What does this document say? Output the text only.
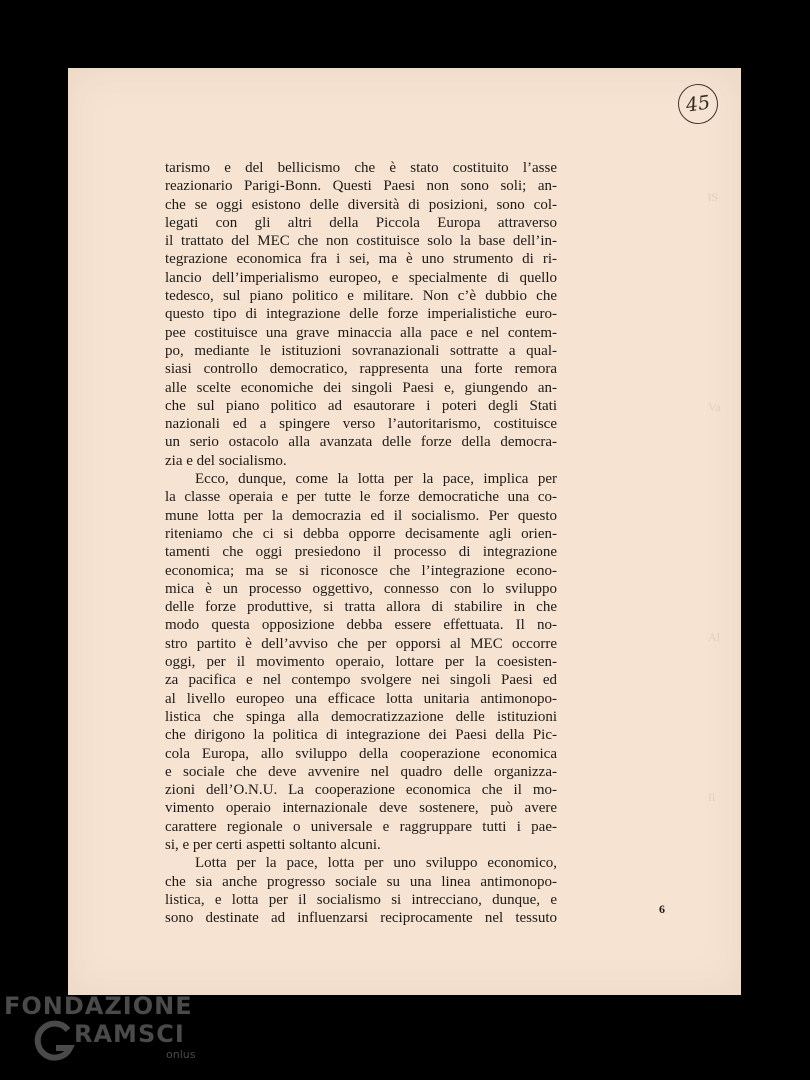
lS
Va
Al
Il
45
tarismo e del bellicismo che è stato costituito l’asse
reazionario Parigi-Bonn. Questi Paesi non sono soli; an-
che se oggi esistono delle diversità di posizioni, sono col-
legati con gli altri della Piccola Europa attraverso
il trattato del MEC che non costituisce solo la base dell’in-
tegrazione economica fra i sei, ma è uno strumento di ri-
lancio dell’imperialismo europeo, e specialmente di quello
tedesco, sul piano politico e militare. Non c’è dubbio che
questo tipo di integrazione delle forze imperialistiche euro-
pee costituisce una grave minaccia alla pace e nel contem-
po, mediante le istituzioni sovranazionali sottratte a qual-
siasi controllo democratico, rappresenta una forte remora
alle scelte economiche dei singoli Paesi e, giungendo an-
che sul piano politico ad esautorare i poteri degli Stati
nazionali ed a spingere verso l’autoritarismo, costituisce
un serio ostacolo alla avanzata delle forze della democra-
zia e del socialismo.
Ecco, dunque, come la lotta per la pace, implica per
la classe operaia e per tutte le forze democratiche una co-
mune lotta per la democrazia ed il socialismo. Per questo
riteniamo che ci si debba opporre decisamente agli orien-
tamenti che oggi presiedono il processo di integrazione
economica; ma se si riconosce che l’integrazione econo-
mica è un processo oggettivo, connesso con lo sviluppo
delle forze produttive, si tratta allora di stabilire in che
modo questa opposizione debba essere effettuata. Il no-
stro partito è dell’avviso che per opporsi al MEC occorre
oggi, per il movimento operaio, lottare per la coesisten-
za pacifica e nel contempo svolgere nei singoli Paesi ed
al livello europeo una efficace lotta unitaria antimonopo-
listica che spinga alla democratizzazione delle istituzioni
che dirigono la politica di integrazione dei Paesi della Pic-
cola Europa, allo sviluppo della cooperazione economica
e sociale che deve avvenire nel quadro delle organizza-
zioni dell’O.N.U. La cooperazione economica che il mo-
vimento operaio internazionale deve sostenere, può avere
carattere regionale o universale e raggruppare tutti i pae-
si, e per certi aspetti soltanto alcuni.
Lotta per la pace, lotta per uno sviluppo economico,
che sia anche progresso sociale su una linea antimonopo-
listica, e lotta per il socialismo si intrecciano, dunque, e
sono destinate ad influenzarsi reciprocamente nel tessuto
6
FONDAZIONE
RAMSCI
onlus
